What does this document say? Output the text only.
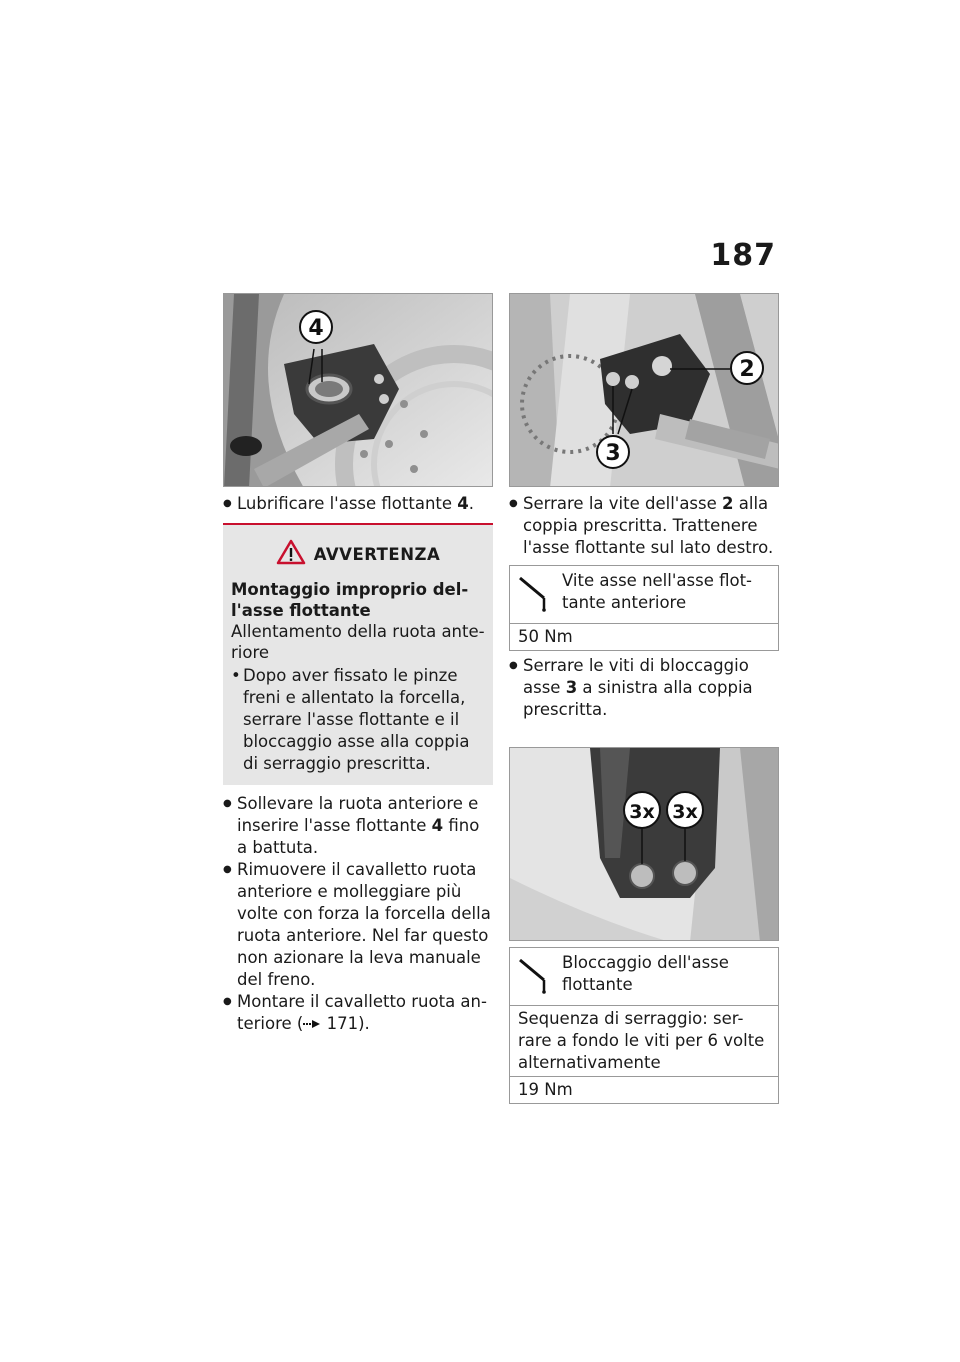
187
4
● Lubrificare l'asse flottante 4.
AVVERTENZA
Montaggio improprio del-
l'asse flottante
Allentamento della ruota ante-
riore
• Dopo aver fissato le pinze
freni e allentato la forcella,
serrare l'asse flottante e il
bloccaggio asse alla coppia
di serraggio prescritta.
● Sollevare la ruota anteriore e
inserire l'asse flottante 4 fino
a battuta.
● Rimuovere il cavalletto ruota
anteriore e molleggiare più
volte con forza la forcella della
ruota anteriore. Nel far questo
non azionare la leva manuale
del freno.
● Montare il cavalletto ruota an-
teriore ( 171).
2
3
● Serrare la vite dell'asse 2 alla
coppia prescritta. Trattenere
l'asse flottante sul lato destro.
Vite asse nell'asse flot-
tante anteriore
50 Nm
● Serrare le viti di bloccaggio
asse 3 a sinistra alla coppia
prescritta.
3x 3x
Bloccaggio dell'asse
flottante
Sequenza di serraggio: ser-
rare a fondo le viti per 6 volte
alternativamente
19 Nm
